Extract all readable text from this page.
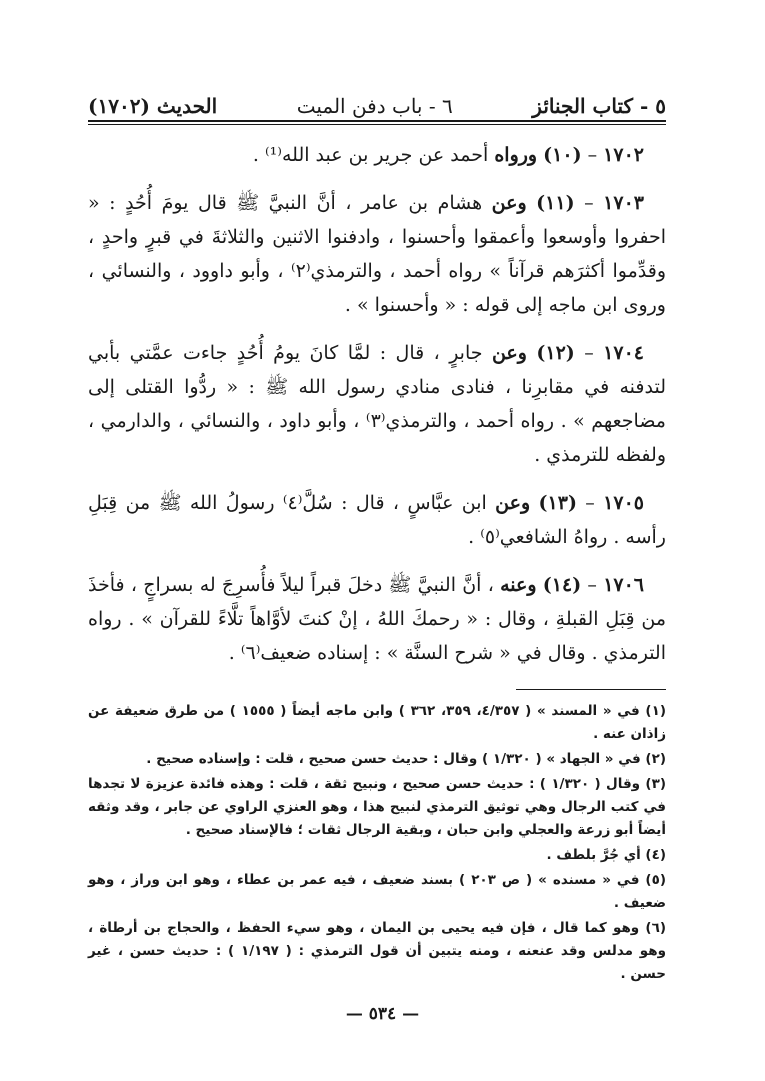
٥ - كتاب الجنائز
٦ - باب دفن الميت
الحديث (١٧٠٢)

١٧٠٢ – (١٠) ورواه أحمد عن جرير بن عبد الله⁽¹⁾ .

١٧٠٣ – (١١) وعن هشام بن عامر ، أنَّ النبيَّ ﷺ قال يومَ أُحُدٍ : « احفروا وأوسعوا وأعمقوا وأحسنوا ، وادفنوا الاثنين والثلاثةَ في قبرٍ واحدٍ ، وقدِّموا أكثرَهم قرآناً » رواه أحمد ، والترمذي⁽٢⁾ ، وأبو داوود ، والنسائي ، وروى ابن ماجه إلى قوله : « وأحسنوا » .

١٧٠٤ – (١٢) وعن جابرٍ ، قال : لمَّا كانَ يومُ أُحُدٍ جاءت عمَّتي بأبي لتدفنه في مقابرِنا ، فنادى منادي رسول الله ﷺ : « ردُّوا القتلى إلى مضاجعهم » . رواه أحمد ، والترمذي⁽٣⁾ ، وأبو داود ، والنسائي ، والدارمي ، ولفظه للترمذي .

١٧٠٥ – (١٣) وعن ابن عبَّاسٍ ، قال : سُلَّ⁽٤⁾ رسولُ الله ﷺ من قِبَلِ رأسه . رواهُ الشافعي⁽٥⁾ .

١٧٠٦ – (١٤) وعنه ، أنَّ النبيَّ ﷺ دخلَ قبراً ليلاً فأُسرِجَ له بسراجٍ ، فأخذَ من قِبَلِ القبلةِ ، وقال : « رحمكَ اللهُ ، إنْ كنتَ لأوَّاهاً تلَّاءً للقرآن » . رواه الترمذي . وقال في « شرح السنَّة » : إسناده ضعيف⁽٦⁾ .

(١) في « المسند » ( ٤/٣٥٧، ٣٥٩، ٣٦٢ ) وابن ماجه أيضاً ( ١٥٥٥ ) من طرق ضعيفة عن زاذان عنه .

(٢) في « الجهاد » ( ١/٣٢٠ ) وقال : حديث حسن صحيح ، قلت : وإسناده صحيح .

(٣) وقال ( ١/٣٢٠ ) : حديث حسن صحيح ، ونبيح ثقة ، قلت : وهذه فائدة عزيزة لا تجدها في كتب الرجال وهي توثيق الترمذي لنبيح هذا ، وهو العنزي الراوي عن جابر ، وقد وثقه أيضاً أبو زرعة والعجلي وابن حبان ، وبقية الرجال ثقات ؛ فالإسناد صحيح .

(٤) أي جُرَّ بلطف .

(٥) في « مسنده » ( ص ٢٠٣ ) بسند ضعيف ، فيه عمر بن عطاء ، وهو ابن وراز ، وهو ضعيف .

(٦) وهو كما قال ، فإن فيه يحيى بن اليمان ، وهو سيء الحفظ ، والحجاج بن أرطاة ، وهو مدلس وقد عنعنه ، ومنه يتبين أن قول الترمذي : ( ١/١٩٧ ) : حديث حسن ، غير حسن .

— ٥٣٤ —
